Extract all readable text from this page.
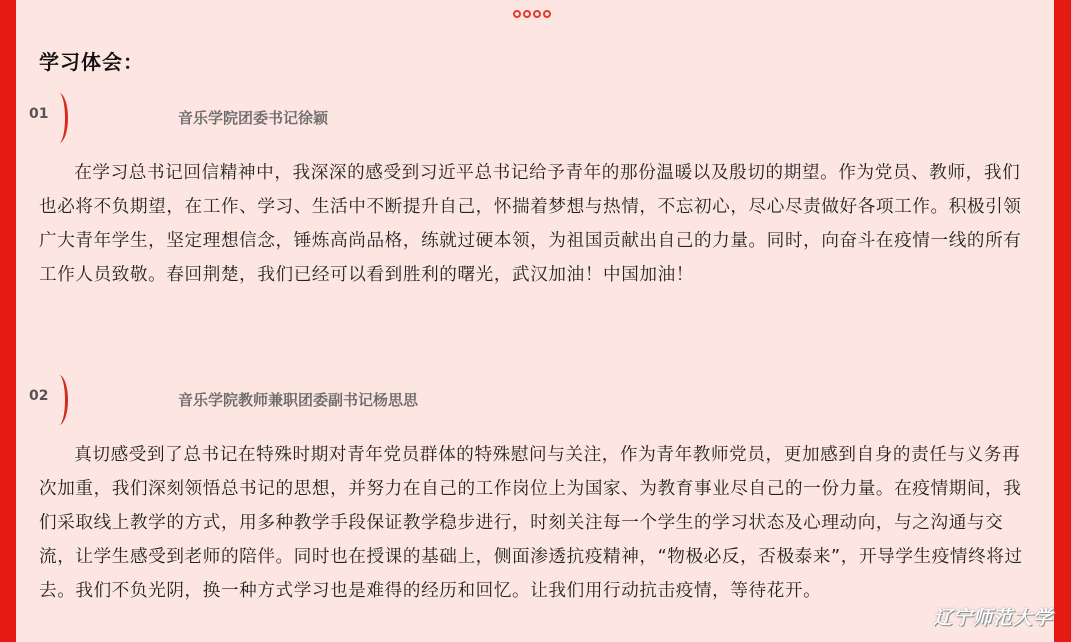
学习体会：
01	音乐学院团委书记徐颖

在学习总书记回信精神中，我深深的感受到习近平总书记给予青年的那份温暖以及殷切的期望。作为党员、教师，我们也必将不负期望，在工作、学习、生活中不断提升自己，怀揣着梦想与热情，不忘初心，尽心尽责做好各项工作。积极引领广大青年学生，坚定理想信念，锤炼高尚品格，练就过硬本领，为祖国贡献出自己的力量。同时，向奋斗在疫情一线的所有工作人员致敬。春回荆楚，我们已经可以看到胜利的曙光，武汉加油！中国加油！

02	音乐学院教师兼职团委副书记杨思思

真切感受到了总书记在特殊时期对青年党员群体的特殊慰问与关注，作为青年教师党员，更加感到自身的责任与义务再次加重，我们深刻领悟总书记的思想，并努力在自己的工作岗位上为国家、为教育事业尽自己的一份力量。在疫情期间，我们采取线上教学的方式，用多种教学手段保证教学稳步进行，时刻关注每一个学生的学习状态及心理动向，与之沟通与交流，让学生感受到老师的陪伴。同时也在授课的基础上，侧面渗透抗疫精神，“物极必反，否极泰来”，开导学生疫情终将过去。我们不负光阴，换一种方式学习也是难得的经历和回忆。让我们用行动抗击疫情，等待花开。

辽宁师范大学
